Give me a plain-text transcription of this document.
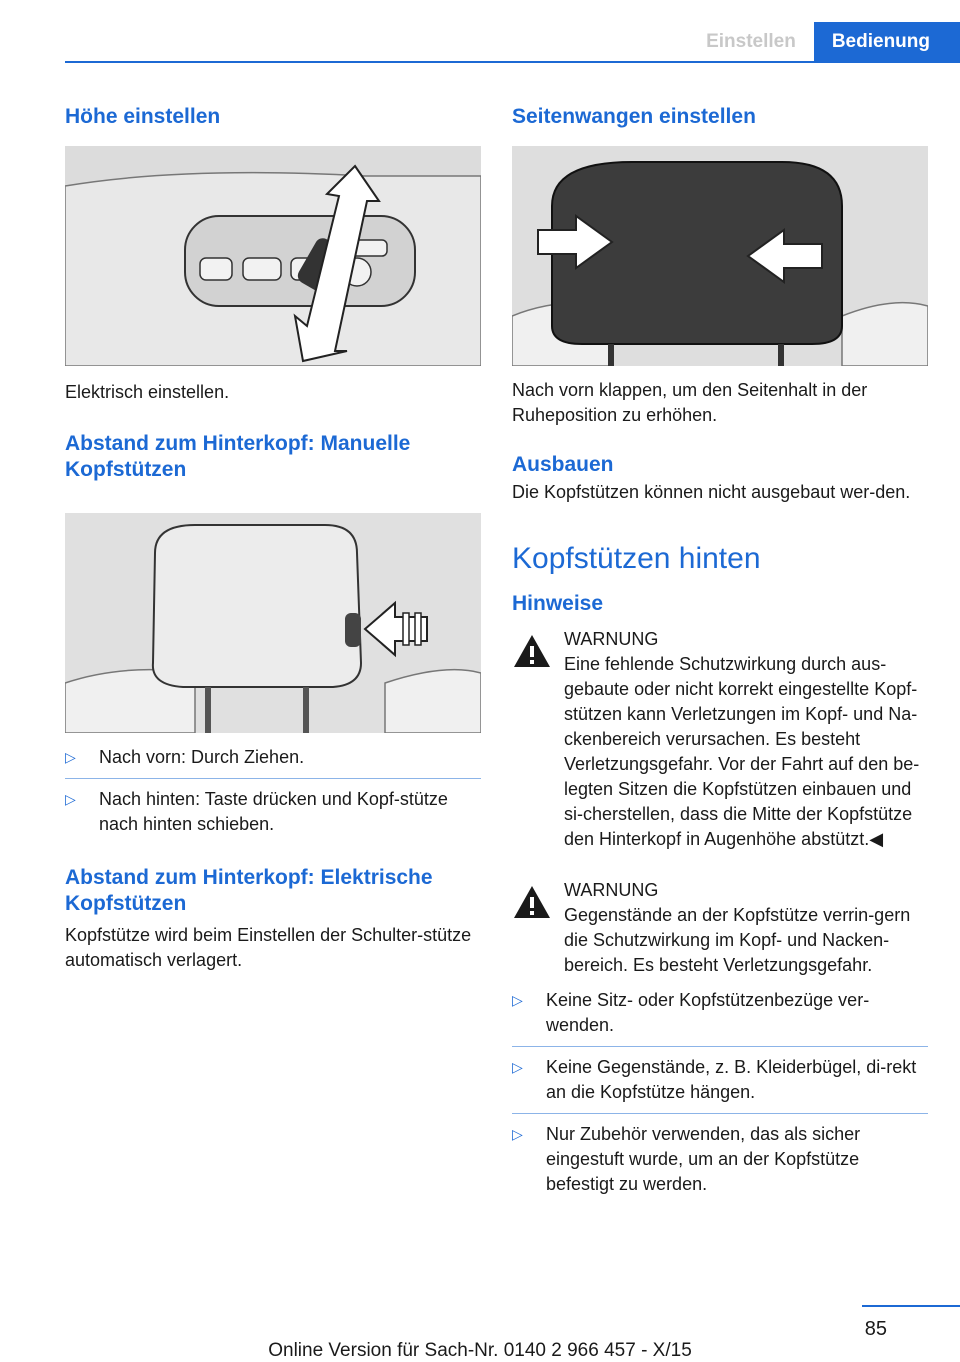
Einstellen	Bedienung
Höhe einstellen

Elektrisch einstellen.

Abstand zum Hinterkopf: Manuelle Kopfstützen
▷ Nach vorn: Durch Ziehen.
▷ Nach hinten: Taste drücken und Kopf‐stütze nach hinten schieben.
Abstand zum Hinterkopf: Elektrische Kopfstützen

Kopfstütze wird beim Einstellen der Schulter‐stütze automatisch verlagert.

Seitenwangen einstellen

Nach vorn klappen, um den Seitenhalt in der Ruheposition zu erhöhen.

Ausbauen

Die Kopfstützen können nicht ausgebaut wer‐den.

Kopfstützen hinten
Hinweise
WARNUNG
Eine fehlende Schutzwirkung durch aus‐gebaute oder nicht korrekt eingestellte Kopf‐stützen kann Verletzungen im Kopf- und Na‐ckenbereich verursachen. Es besteht Verletzungsgefahr. Vor der Fahrt auf den be‐legten Sitzen die Kopfstützen einbauen und si‐cherstellen, dass die Mitte der Kopfstütze den Hinterkopf in Augenhöhe abstützt.◀
WARNUNG
Gegenstände an der Kopfstütze verrin‐gern die Schutzwirkung im Kopf- und Nacken‐bereich. Es besteht Verletzungsgefahr.
▷ Keine Sitz- oder Kopfstützenbezüge ver‐wenden.
▷ Keine Gegenstände, z. B. Kleiderbügel, di‐rekt an die Kopfstütze hängen.
▷ Nur Zubehör verwenden, das als sicher eingestuft wurde, um an der Kopfstütze befestigt zu werden.
85
Online Version für Sach-Nr. 0140 2 966 457 - X/15
